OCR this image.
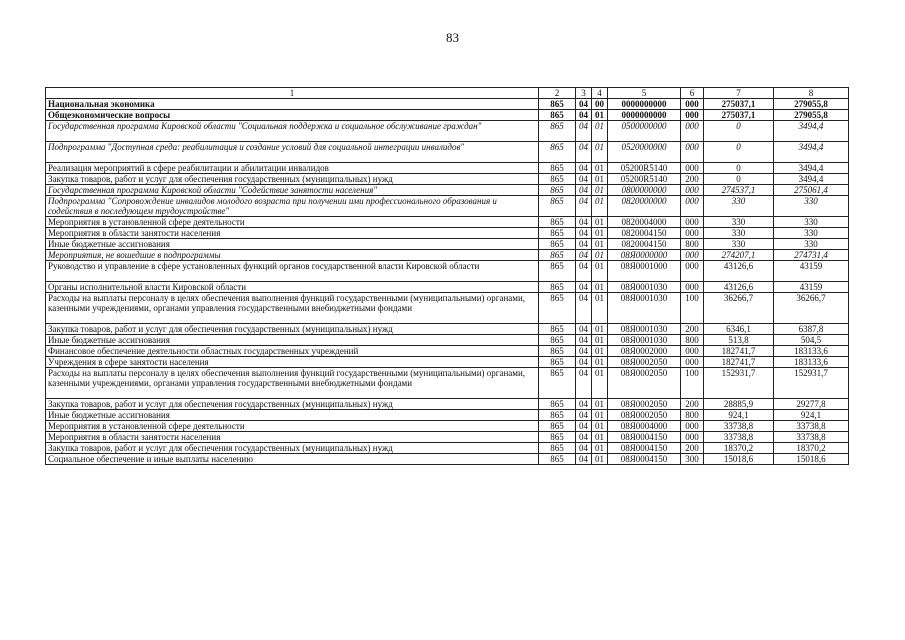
83
1	2	3	4	5	6	7	8
Национальная экономика	865	04	00	0000000000	000	275037,1	279055,8
Общеэкономические вопросы	865	04	01	0000000000	000	275037,1	279055,8
Государственная программа Кировской области "Социальная поддержка и социальное обслуживание граждан"	865	04	01	0500000000	000	0	3494,4
Подпрограмма "Доступная среда: реабилитация и создание условий для социальной интеграции инвалидов"	865	04	01	0520000000	000	0	3494,4
Реализация мероприятий в сфере реабилитации и абилитации инвалидов	865	04	01	05200R5140	000	0	3494,4
Закупка товаров, работ и услуг для обеспечения государственных (муниципальных) нужд	865	04	01	05200R5140	200	0	3494,4
Государственная программа Кировской области "Содействие занятости населения"	865	04	01	0800000000	000	274537,1	275061,4
Подпрограмма "Сопровождение инвалидов молодого возраста при получении ими профессионального образования и содействия в последующем трудоустройстве"	865	04	01	0820000000	000	330	330
Мероприятия в установленной сфере деятельности	865	04	01	0820004000	000	330	330
Мероприятия в области занятости населения	865	04	01	0820004150	000	330	330
Иные бюджетные ассигнования	865	04	01	0820004150	800	330	330
Мероприятия, не вошедшие в подпрограммы	865	04	01	08Я0000000	000	274207,1	274731,4
Руководство и управление в сфере установленных функций органов государственной власти Кировской области	865	04	01	08Я0001000	000	43126,6	43159
Органы исполнительной власти Кировской области	865	04	01	08Я0001030	000	43126,6	43159
Расходы на выплаты персоналу в целях обеспечения выполнения функций государственными (муниципальными) органами, казенными учреждениями, органами управления государственными внебюджетными фондами	865	04	01	08Я0001030	100	36266,7	36266,7
Закупка товаров, работ и услуг для обеспечения государственных (муниципальных) нужд	865	04	01	08Я0001030	200	6346,1	6387,8
Иные бюджетные ассигнования	865	04	01	08Я0001030	800	513,8	504,5
Финансовое обеспечение деятельности областных государственных учреждений	865	04	01	08Я0002000	000	182741,7	183133,6
Учреждения в сфере занятости населения	865	04	01	08Я0002050	000	182741,7	183133,6
Расходы на выплаты персоналу в целях обеспечения выполнения функций государственными (муниципальными) органами, казенными учреждениями, органами управления государственными внебюджетными фондами	865	04	01	08Я0002050	100	152931,7	152931,7
Закупка товаров, работ и услуг для обеспечения государственных (муниципальных) нужд	865	04	01	08Я0002050	200	28885,9	29277,8
Иные бюджетные ассигнования	865	04	01	08Я0002050	800	924,1	924,1
Мероприятия в установленной сфере деятельности	865	04	01	08Я0004000	000	33738,8	33738,8
Мероприятия в области занятости населения	865	04	01	08Я0004150	000	33738,8	33738,8
Закупка товаров, работ и услуг для обеспечения государственных (муниципальных) нужд	865	04	01	08Я0004150	200	18370,2	18370,2
Социальное обеспечение и иные выплаты населению	865	04	01	08Я0004150	300	15018,6	15018,6
